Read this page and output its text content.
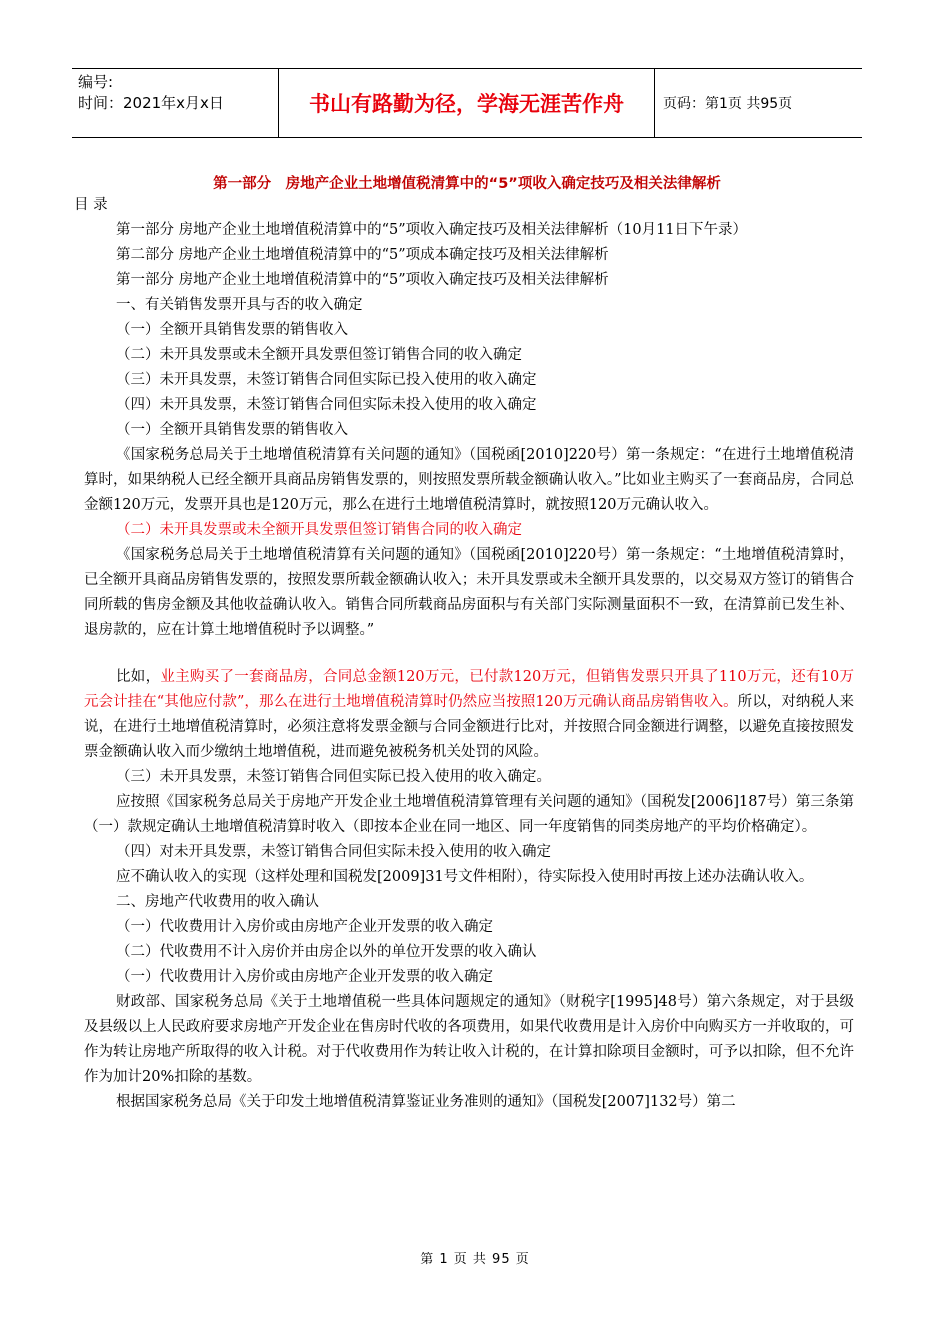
编号:
时间：2021年x月x日	书山有路勤为径，学海无涯苦作舟	页码：第1页 共95页
第一部分　房地产企业土地增值税清算中的“5”项收入确定技巧及相关法律解析

目 录

第一部分 房地产企业土地增值税清算中的“5”项收入确定技巧及相关法律解析（10月11日下午录）

第二部分 房地产企业土地增值税清算中的“5”项成本确定技巧及相关法律解析

第一部分 房地产企业土地增值税清算中的“5”项收入确定技巧及相关法律解析

一、有关销售发票开具与否的收入确定

（一）全额开具销售发票的销售收入

（二）未开具发票或未全额开具发票但签订销售合同的收入确定

（三）未开具发票，未签订销售合同但实际已投入使用的收入确定

（四）未开具发票，未签订销售合同但实际未投入使用的收入确定

（一）全额开具销售发票的销售收入

《国家税务总局关于土地增值税清算有关问题的通知》（国税函[2010]220号）第一条规定：“在进行土地增值税清算时，如果纳税人已经全额开具商品房销售发票的，则按照发票所载金额确认收入。”比如业主购买了一套商品房，合同总金额120万元，发票开具也是120万元，那么在进行土地增值税清算时，就按照120万元确认收入。

（二）未开具发票或未全额开具发票但签订销售合同的收入确定

《国家税务总局关于土地增值税清算有关问题的通知》（国税函[2010]220号）第一条规定：“土地增值税清算时，已全额开具商品房销售发票的，按照发票所载金额确认收入；未开具发票或未全额开具发票的，以交易双方签订的销售合同所载的售房金额及其他收益确认收入。销售合同所载商品房面积与有关部门实际测量面积不一致，在清算前已发生补、退房款的，应在计算土地增值税时予以调整。”

比如，业主购买了一套商品房，合同总金额120万元，已付款120万元，但销售发票只开具了110万元，还有10万元会计挂在“其他应付款”，那么在进行土地增值税清算时仍然应当按照120万元确认商品房销售收入。所以，对纳税人来说，在进行土地增值税清算时，必须注意将发票金额与合同金额进行比对，并按照合同金额进行调整，以避免直接按照发票金额确认收入而少缴纳土地增值税，进而避免被税务机关处罚的风险。

（三）未开具发票，未签订销售合同但实际已投入使用的收入确定。

应按照《国家税务总局关于房地产开发企业土地增值税清算管理有关问题的通知》（国税发[2006]187号）第三条第（一）款规定确认土地增值税清算时收入（即按本企业在同一地区、同一年度销售的同类房地产的平均价格确定）。

（四）对未开具发票，未签订销售合同但实际未投入使用的收入确定

应不确认收入的实现（这样处理和国税发[2009]31号文件相附），待实际投入使用时再按上述办法确认收入。

二、房地产代收费用的收入确认

（一）代收费用计入房价或由房地产企业开发票的收入确定

（二）代收费用不计入房价并由房企以外的单位开发票的收入确认

（一）代收费用计入房价或由房地产企业开发票的收入确定

财政部、国家税务总局《关于土地增值税一些具体问题规定的通知》（财税字[1995]48号）第六条规定，对于县级及县级以上人民政府要求房地产开发企业在售房时代收的各项费用，如果代收费用是计入房价中向购买方一并收取的，可作为转让房地产所取得的收入计税。对于代收费用作为转让收入计税的，在计算扣除项目金额时，可予以扣除，但不允许作为加计20%扣除的基数。

根据国家税务总局《关于印发土地增值税清算鉴证业务准则的通知》（国税发[2007]132号）第二

第 1 页 共 95 页
